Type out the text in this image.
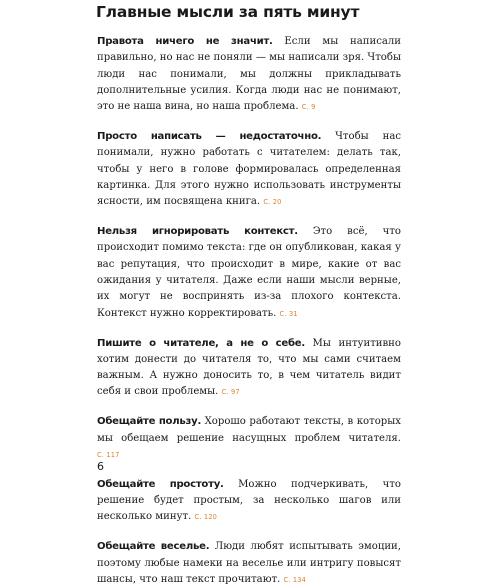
Главные мысли за пять минут

Правота ничего не значит. Если мы написали правильно, но нас не поняли — мы написали зря. Чтобы люди нас понимали, мы должны прикладывать дополнительные усилия. Когда люди нас не понимают, это не наша вина, но наша проблема. С. 9

Просто написать — недостаточно. Чтобы нас понимали, нужно работать с читателем: делать так, чтобы у него в голове формировалась определенная картинка. Для этого нужно использовать инструменты ясности, им посвящена книга. С. 20

Нельзя игнорировать контекст. Это всё, что происходит помимо текста: где он опубликован, какая у вас репутация, что происходит в мире, какие от вас ожидания у читателя. Даже если наши мысли верные, их могут не воспринять из-за плохого контекста. Контекст нужно корректировать. С. 31

Пишите о читателе, а не о себе. Мы интуитивно хотим донести до читателя то, что мы сами считаем важным. А нужно доносить то, в чем читатель видит себя и свои проблемы. С. 97

Обещайте пользу. Хорошо работают тексты, в которых мы обещаем решение насущных проблем читателя. С. 117

Обещайте простоту. Можно подчеркивать, что решение будет простым, за несколько шагов или несколько минут. С. 120

Обещайте веселье. Люди любят испытывать эмоции, поэтому любые намеки на веселье или интригу повысят шансы, что наш текст прочитают. С. 134

6
